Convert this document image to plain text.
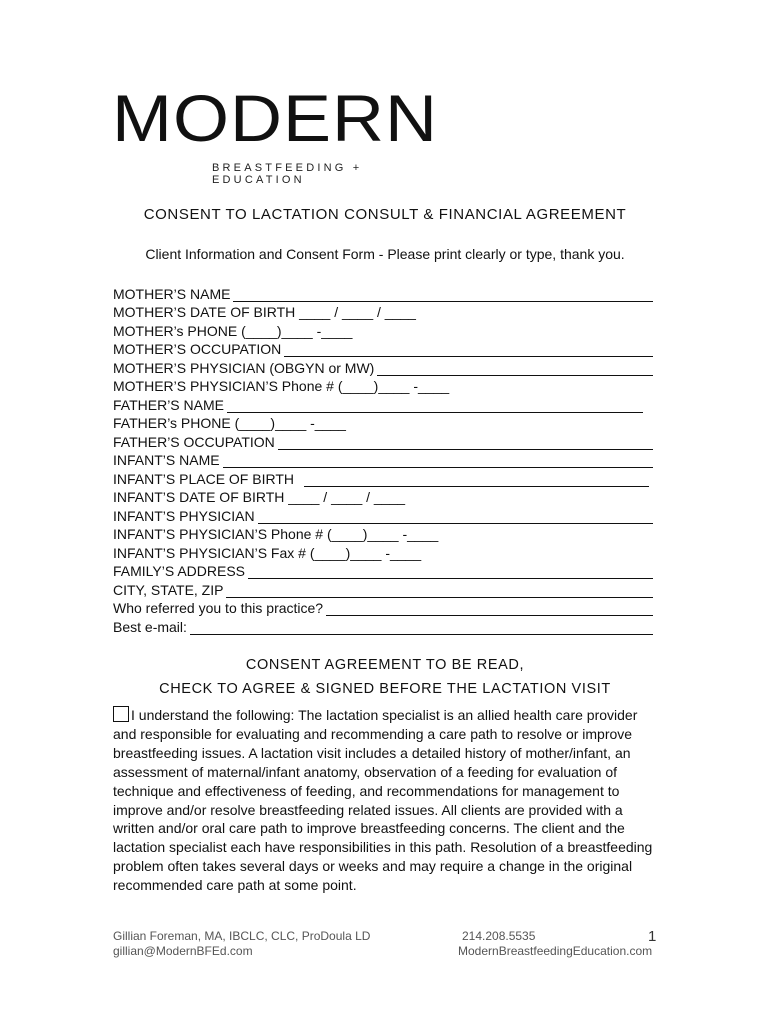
MODERN
BREASTFEEDING + EDUCATION
CONSENT TO LACTATION CONSULT & FINANCIAL AGREEMENT
Client Information and Consent Form - Please print clearly or type, thank you.
MOTHER’S NAME
MOTHER’S DATE OF BIRTH ____ / ____ / ____
MOTHER’s PHONE (____)____ -____
MOTHER’S OCCUPATION
MOTHER’S PHYSICIAN (OBGYN or MW)
MOTHER’S PHYSICIAN’S Phone # (____)____ -____
FATHER’S NAME
FATHER’s PHONE (____)____ -____
FATHER’S OCCUPATION
INFANT’S NAME
INFANT’S PLACE OF BIRTH
INFANT’S DATE OF BIRTH ____ / ____ / ____
INFANT’S PHYSICIAN
INFANT’S PHYSICIAN’S Phone # (____)____ -____
INFANT’S PHYSICIAN’S Fax # (____)____ -____
FAMILY’S ADDRESS
CITY, STATE, ZIP
Who referred you to this practice?
Best e-mail:
CONSENT AGREEMENT TO BE READ,
CHECK TO AGREE & SIGNED BEFORE THE LACTATION VISIT
I understand the following: The lactation specialist is an allied health care provider and responsible for evaluating and recommending a care path to resolve or improve breastfeeding issues. A lactation visit includes a detailed history of mother/infant, an assessment of maternal/infant anatomy, observation of a feeding for evaluation of technique and effectiveness of feeding, and recommendations for management to improve and/or resolve breastfeeding related issues. All clients are provided with a written and/or oral care path to improve breastfeeding concerns. The client and the lactation specialist each have responsibilities in this path. Resolution of a breastfeeding problem often takes several days or weeks and may require a change in the original recommended care path at some point.
Gillian Foreman, MA, IBCLC, CLC, ProDoula LD
gillian@ModernBFEd.com
214.208.5535
ModernBreastfeedingEducation.com
1
